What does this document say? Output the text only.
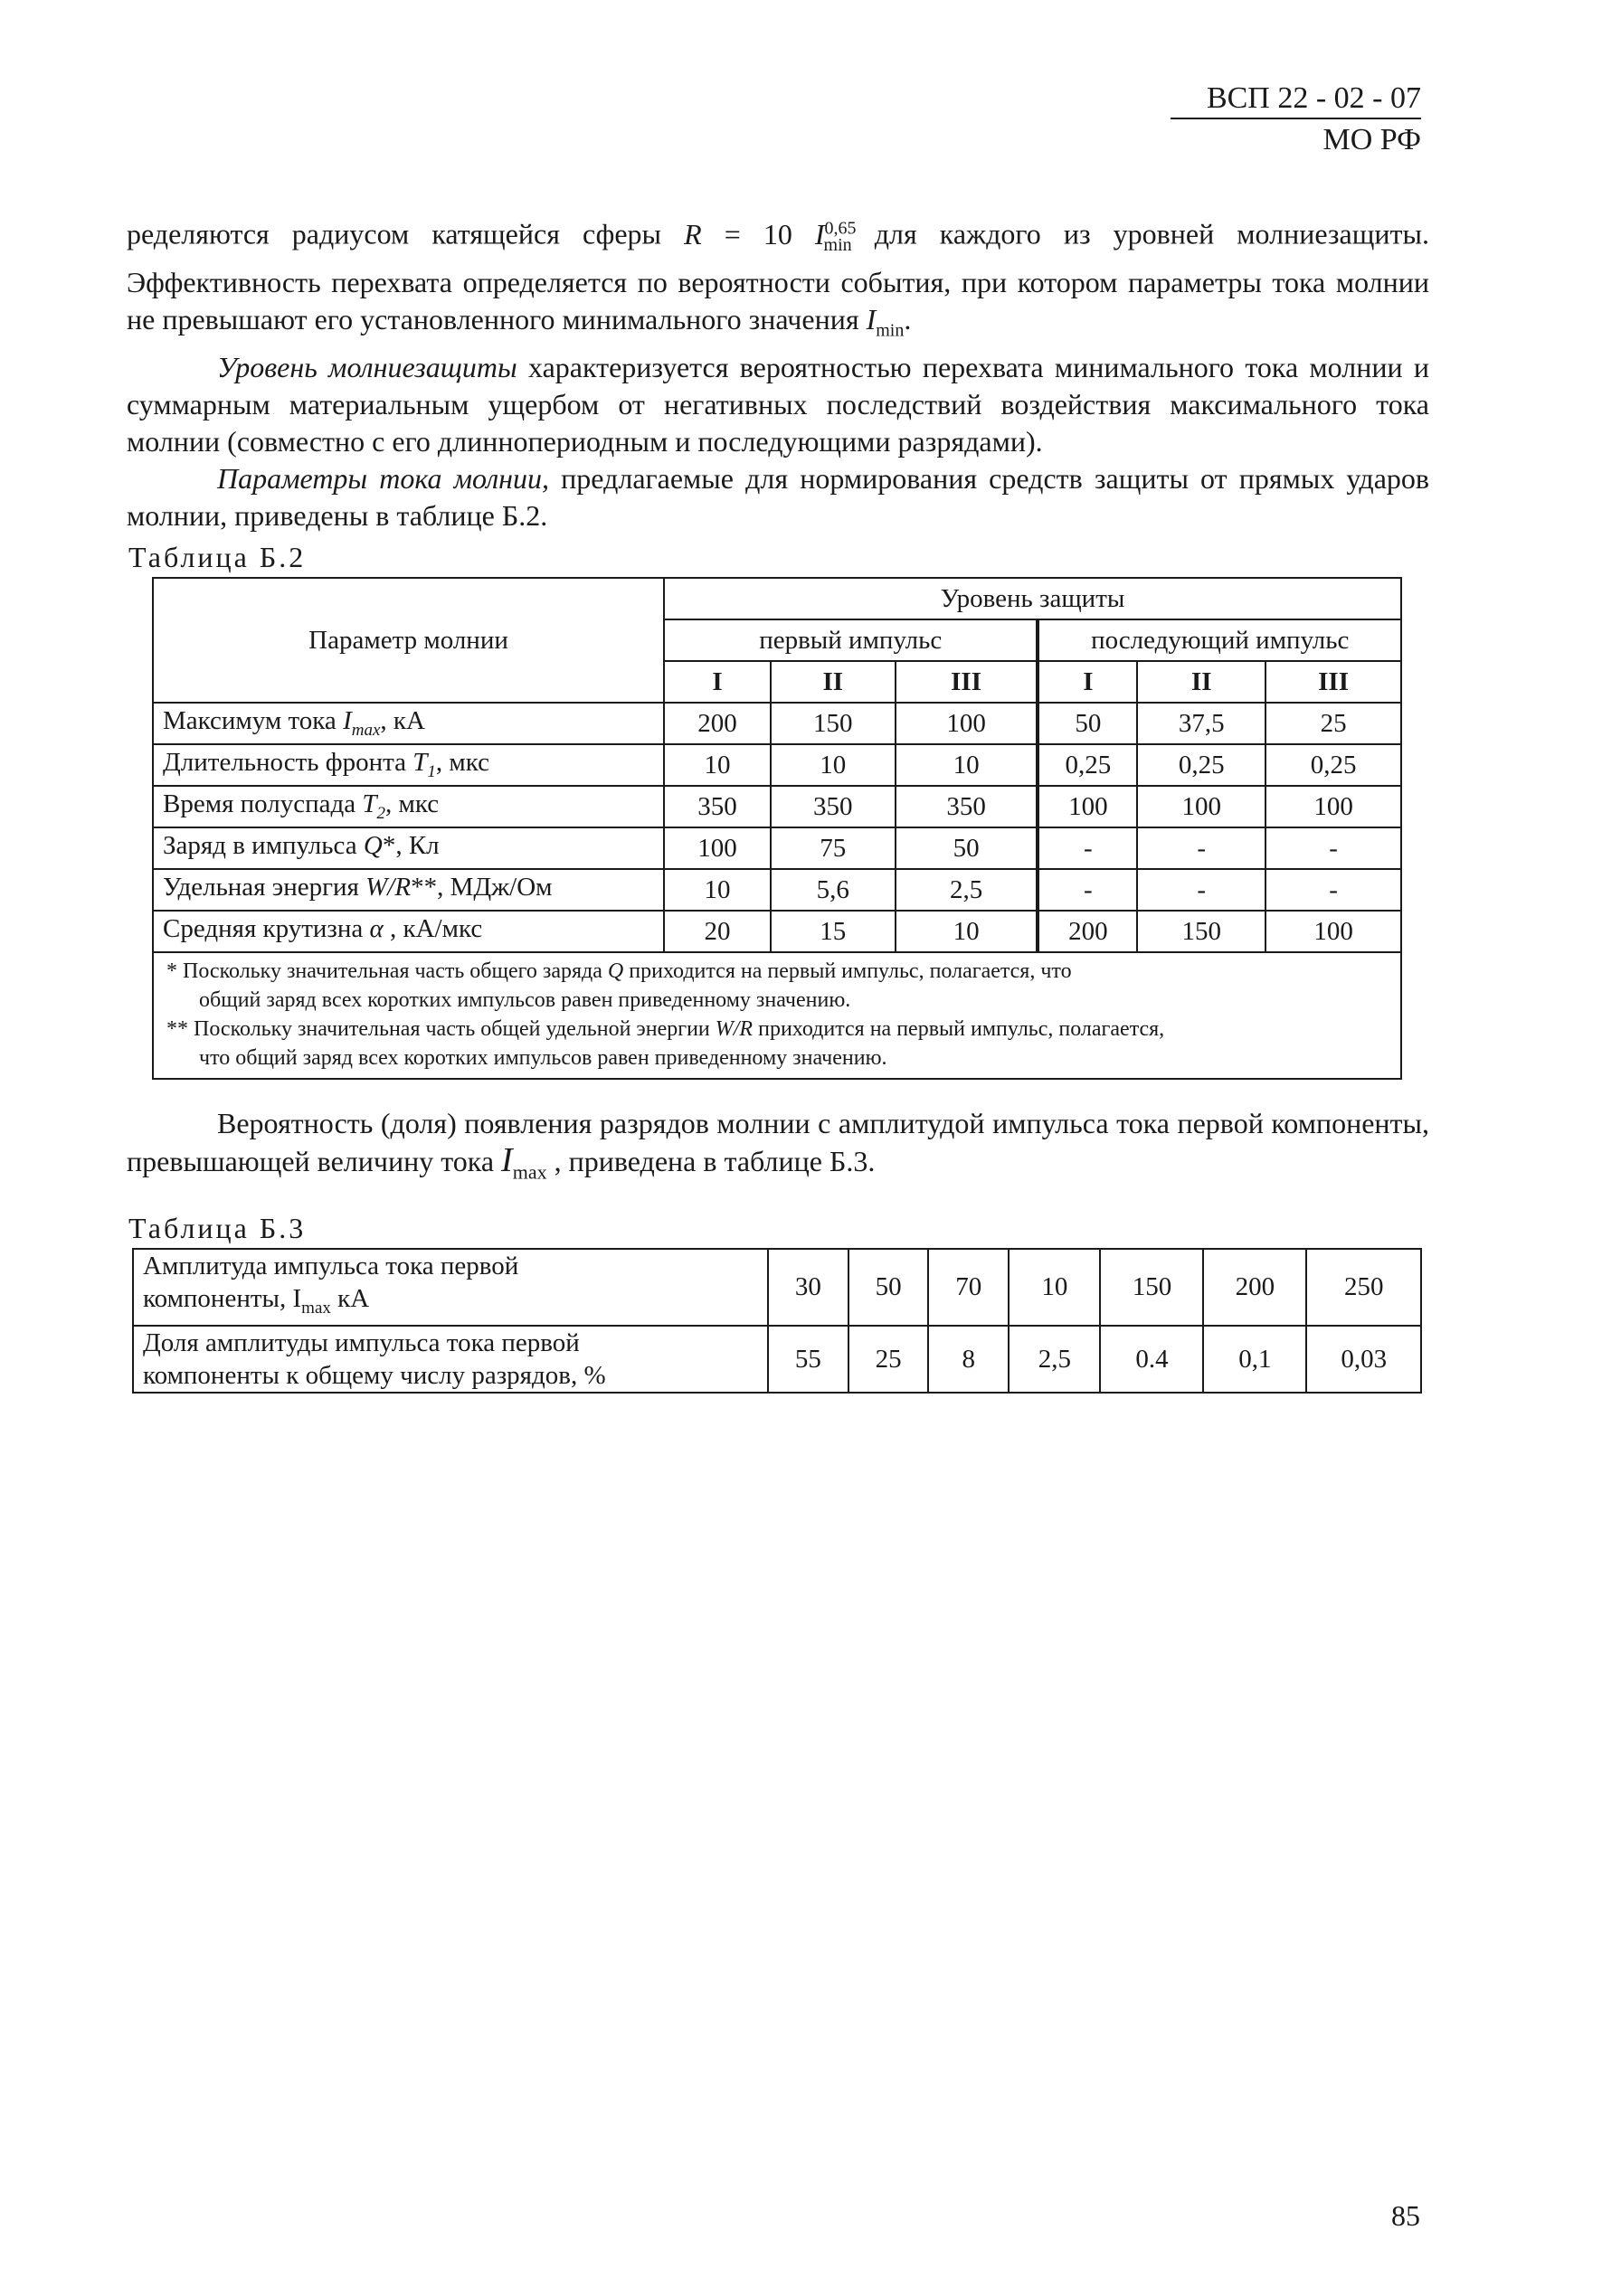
ВСП 22 - 02 - 07
МО РФ
ределяются радиусом катящейся сферы R = 10 I$^{0,65}_{min}$ для каждого из уровней молниезащиты. Эффективность перехвата определяется по вероятности события, при котором параметры тока молнии не превышают его установленного минимального значения $I_{min}$.
Уровень молниезащиты характеризуется вероятностью перехвата минимального тока молнии и суммарным материальным ущербом от негативных последствий воздействия максимального тока молнии (совместно с его длиннопериодным и последующими разрядами).
Параметры тока молнии, предлагаемые для нормирования средств защиты от прямых ударов молнии, приведены в таблице Б.2.
Таблица Б.2
Параметр молнии	Уровень защиты					
	первый импульс			последующий импульс		
	I	II	III	I	II	III
Максимум тока $I_{max}$, кА	200	150	100	50	37,5	25
Длительность фронта $T_1$, мкс	10	10	10	0,25	0,25	0,25
Время полуспада $T_2$, мкс	350	350	350	100	100	100
Заряд в импульса Q*, Кл	100	75	50	-	-	-
Удельная энергия W/R**, МДж/Ом	10	5,6	2,5	-	-	-
Средняя крутизна α , кА/мкс	20	15	10	200	150	100

* Поскольку значительная часть общего заряда Q приходится на первый импульс, полагается, что
общий заряд всех коротких импульсов равен приведенному значению.
** Поскольку значительная часть общей удельной энергии W/R приходится на первый импульс, полагается,
что общий заряд всех коротких импульсов равен приведенному значению.						
Вероятность (доля) появления разрядов молнии с амплитудой импульса тока первой компоненты, превышающей величину тока $I_{max}$ , приведена в таблице Б.3.
Таблица Б.3
Амплитуда импульса тока первой
компоненты, $I_{max}$ кА	30	50	70	10	150	200	250
Доля амплитуды импульса тока первой
компоненты к общему числу разрядов, %	55	25	8	2,5	0.4	0,1	0,03
85
